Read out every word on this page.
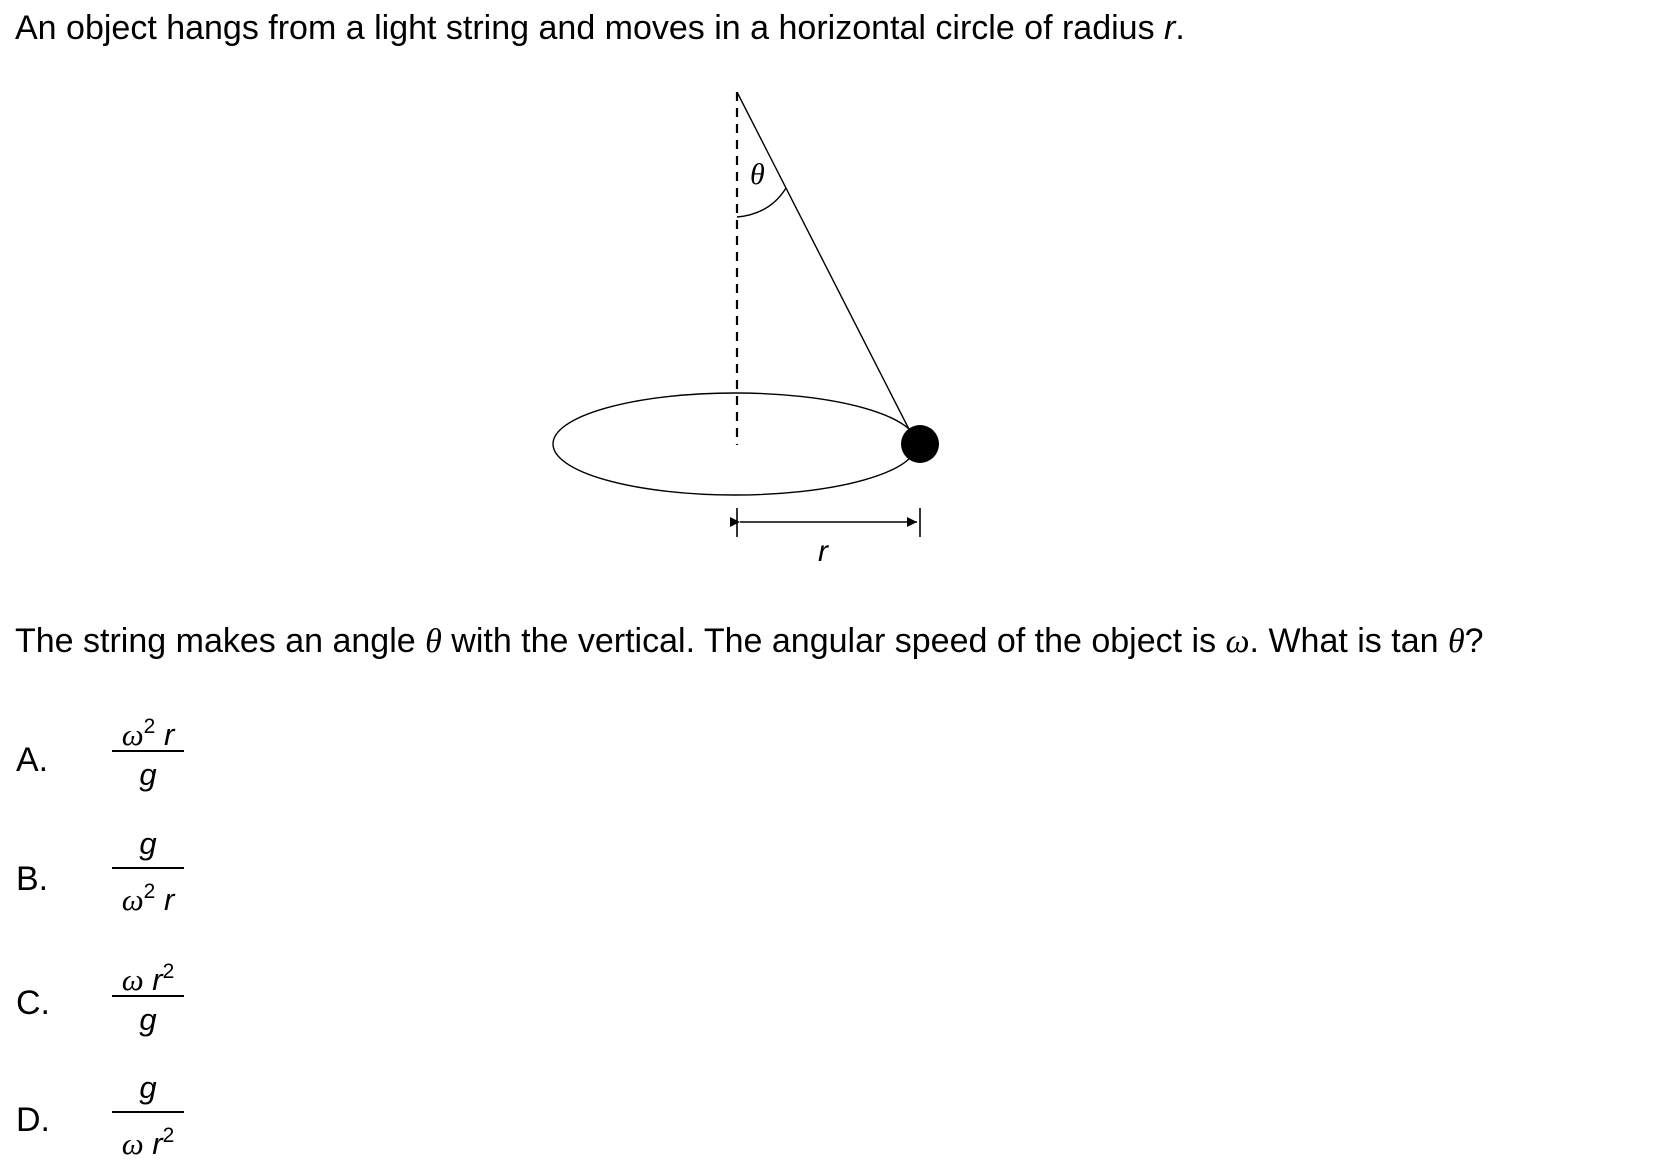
An object hangs from a light string and moves in a horizontal circle of radius r.
θ
r
The string makes an angle θ with the vertical. The angular speed of the object is ω. What is tan θ?
A.
$\omega^2$ r
g
B.
g
$\omega^2$ r
C.
ω $r^2$
g
D.
g
ω $r^2$
